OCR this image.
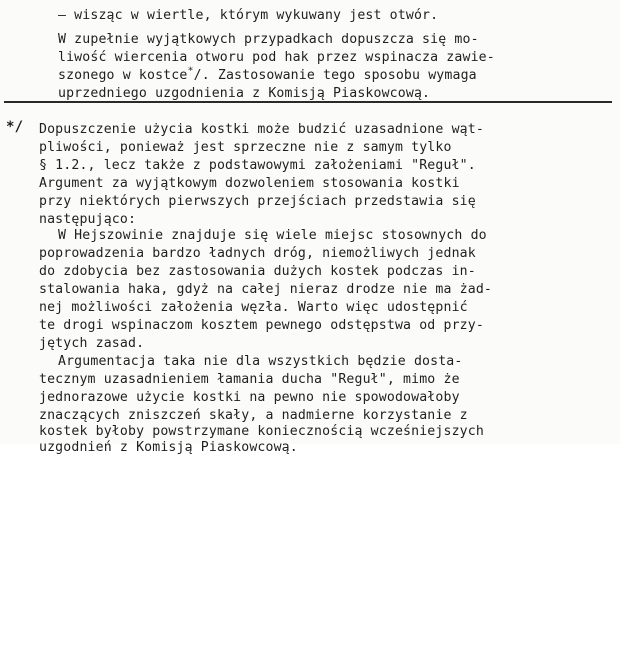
– wisząc w wiertle, którym wykuwany jest otwór.

W zupełnie wyjątkowych przypadkach dopuszcza się mo-

liwość wiercenia otworu pod hak przez wspinacza zawie-

szonego w kostce*/. Zastosowanie tego sposobu wymaga

uprzedniego uzgodnienia z Komisją Piaskowcową.

*/

Dopuszczenie użycia kostki może budzić uzasadnione wąt-

pliwości, ponieważ jest sprzeczne nie z samym tylko

§ 1.2., lecz także z podstawowymi założeniami "Reguł".

Argument za wyjątkowym dozwoleniem stosowania kostki

przy niektórych pierwszych przejściach przedstawia się

następująco:

W Hejszowinie znajduje się wiele miejsc stosownych do

poprowadzenia bardzo ładnych dróg, niemożliwych jednak

do zdobycia bez zastosowania dużych kostek podczas in-

stalowania haka, gdyż na całej nieraz drodze nie ma żad-

nej możliwości założenia węzła. Warto więc udostępnić

te drogi wspinaczom kosztem pewnego odstępstwa od przy-

jętych zasad.

Argumentacja taka nie dla wszystkich będzie dosta-

tecznym uzasadnieniem łamania ducha "Reguł", mimo że

jednorazowe użycie kostki na pewno nie spowodowałoby

znaczących zniszczeń skały, a nadmierne korzystanie z

kostek byłoby powstrzymane koniecznością wcześniejszych

uzgodnień z Komisją Piaskowcową.
